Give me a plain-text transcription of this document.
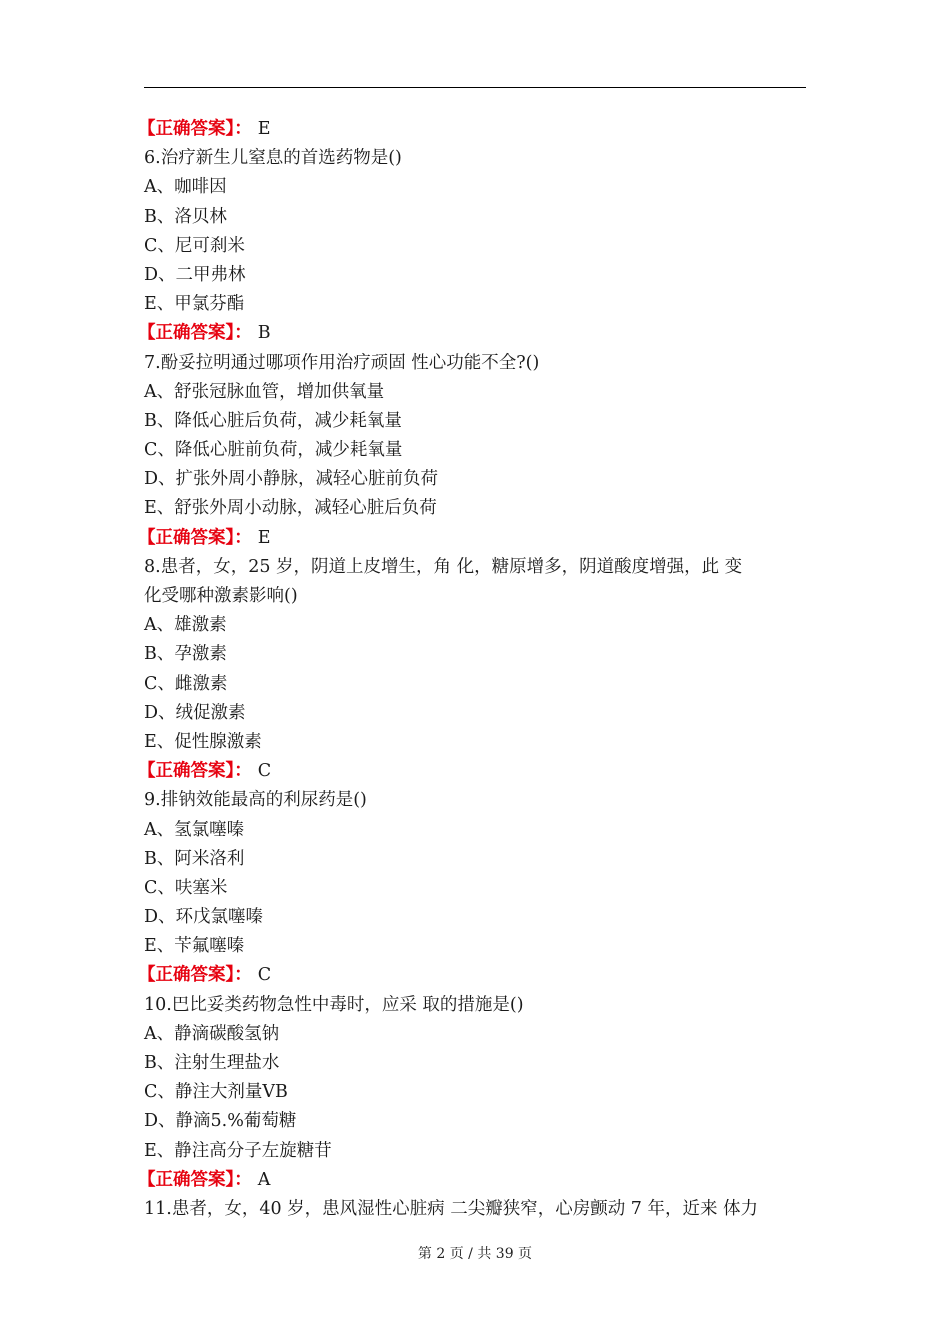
【正确答案】： E
6.治疗新生儿窒息的首选药物是()
A、咖啡因
B、洛贝林
C、尼可刹米
D、二甲弗林
E、甲氯芬酯
【正确答案】： B
7.酚妥拉明通过哪项作用治疗顽固 性心功能不全?()
A、舒张冠脉血管，增加供氧量
B、降低心脏后负荷，减少耗氧量
C、降低心脏前负荷，减少耗氧量
D、扩张外周小静脉，减轻心脏前负荷
E、舒张外周小动脉，减轻心脏后负荷
【正确答案】： E
8.患者，女，25 岁，阴道上皮增生，角 化，糖原增多，阴道酸度增强，此 变
化受哪种激素影响()
A、雄激素
B、孕激素
C、雌激素
D、绒促激素
E、促性腺激素
【正确答案】： C
9.排钠效能最高的利尿药是()
A、氢氯噻嗪
B、阿米洛利
C、呋塞米
D、环戊氯噻嗪
E、苄氟噻嗪
【正确答案】： C
10.巴比妥类药物急性中毒时，应采 取的措施是()
A、静滴碳酸氢钠
B、注射生理盐水
C、静注大剂量VB
D、静滴5.%葡萄糖
E、静注高分子左旋糖苷
【正确答案】： A
11.患者，女，40 岁，患风湿性心脏病 二尖瓣狭窄，心房颤动 7 年，近来 体力
第 2 页 / 共 39 页
